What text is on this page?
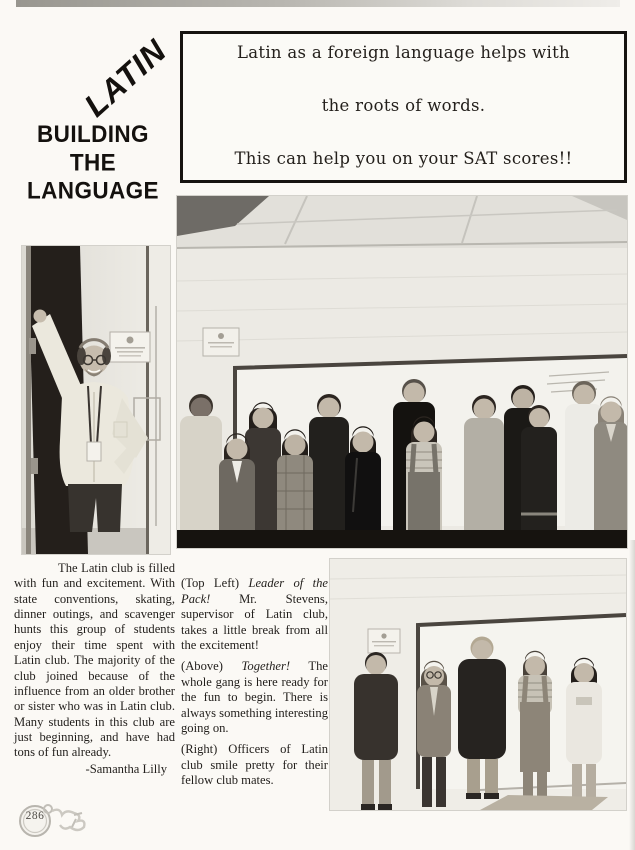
LATIN
BUILDING
THE
LANGUAGE
Latin as a foreign language helps with
the roots of words.
This can help you on your SAT scores!!

The Latin club is filled with fun and excitement. With state conventions, skating, dinner outings, and scavenger hunts this group of students enjoy their time spent with Latin club. The majority of the club joined because of the influence from an older brother or sister who was in Latin club. Many students in this club are just beginning, and have had tons of fun already.

-Samantha Lilly
(Top Left) Leader of the Pack! Mr. Stevens, supervisor of Latin club, takes a little break from all the excitement!
(Above) Together! The whole gang is here ready for the fun to begin. There is always something interesting going on.
(Right) Officers of Latin club smile pretty for their fellow club mates.
286
